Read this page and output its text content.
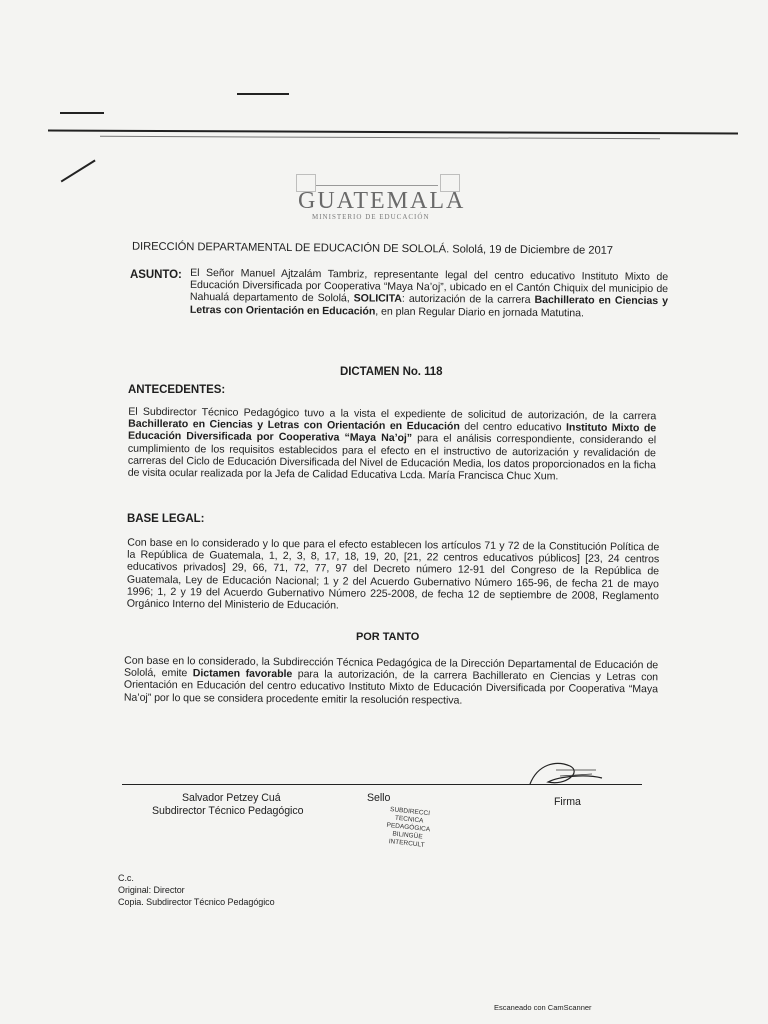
GUATEMALA
MINISTERIO DE EDUCACIÓN
DIRECCIÓN DEPARTAMENTAL DE EDUCACIÓN DE SOLOLÁ. Sololá, 19 de Diciembre de 2017
ASUNTO: El Señor Manuel Ajtzalám Tambriz, representante legal del centro educativo Instituto Mixto de Educación Diversificada por Cooperativa “Maya Na’oj”, ubicado en el Cantón Chiquix del municipio de Nahualá departamento de Sololá, SOLICITA: autorización de la carrera Bachillerato en Ciencias y Letras con Orientación en Educación, en plan Regular Diario en jornada Matutina.
DICTAMEN No. 118
ANTECEDENTES:
El Subdirector Técnico Pedagógico tuvo a la vista el expediente de solicitud de autorización, de la carrera Bachillerato en Ciencias y Letras con Orientación en Educación del centro educativo Instituto Mixto de Educación Diversificada por Cooperativa “Maya Na’oj” para el análisis correspondiente, considerando el cumplimiento de los requisitos establecidos para el efecto en el instructivo de autorización y revalidación de carreras del Ciclo de Educación Diversificada del Nivel de Educación Media, los datos proporcionados en la ficha de visita ocular realizada por la Jefa de Calidad Educativa Lcda. María Francisca Chuc Xum.
BASE LEGAL:
Con base en lo considerado y lo que para el efecto establecen los artículos 71 y 72 de la Constitución Política de la República de Guatemala, 1, 2, 3, 8, 17, 18, 19, 20, [21, 22 centros educativos públicos] [23, 24 centros educativos privados] 29, 66, 71, 72, 77, 97 del Decreto número 12-91 del Congreso de la República de Guatemala, Ley de Educación Nacional; 1 y 2 del Acuerdo Gubernativo Número 165-96, de fecha 21 de mayo 1996; 1, 2 y 19 del Acuerdo Gubernativo Número 225-2008, de fecha 12 de septiembre de 2008, Reglamento Orgánico Interno del Ministerio de Educación.
POR TANTO
Con base en lo considerado, la Subdirección Técnica Pedagógica de la Dirección Departamental de Educación de Sololá, emite Dictamen favorable para la autorización, de la carrera Bachillerato en Ciencias y Letras con Orientación en Educación del centro educativo Instituto Mixto de Educación Diversificada por Cooperativa “Maya Na’oj” por lo que se considera procedente emitir la resolución respectiva.
Salvador Petzey Cuá
Subdirector Técnico Pedagógico
Sello	Firma
SUBDIRECCI
TECNICA
PEDAGÓGICA
BILINGÜE
INTERCULT
C.c.
Original: Director
Copia. Subdirector Técnico Pedagógico
Escaneado con CamScanner
